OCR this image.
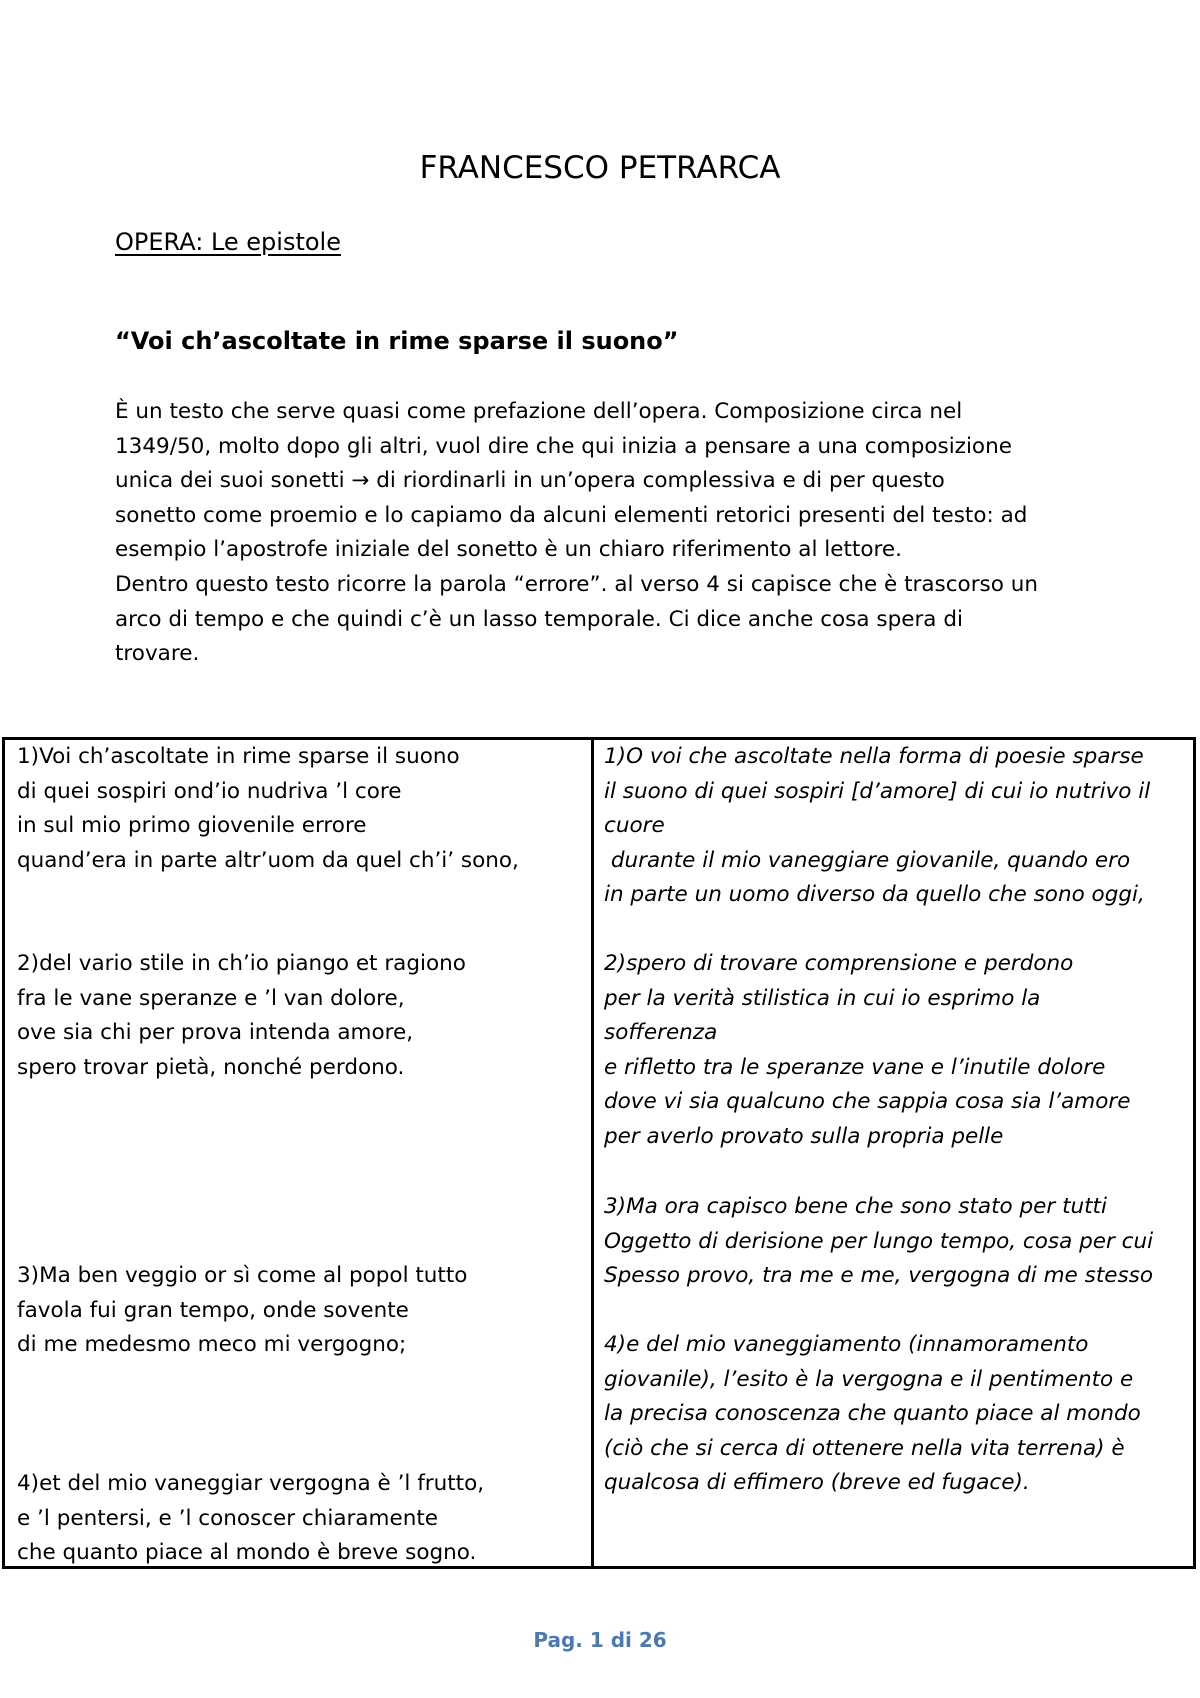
FRANCESCO PETRARCA
OPERA: Le epistole
“Voi ch’ascoltate in rime sparse il suono”

È un testo che serve quasi come prefazione dell’opera. Composizione circa nel

1349/50, molto dopo gli altri, vuol dire che qui inizia a pensare a una composizione

unica dei suoi sonetti → di riordinarli in un’opera complessiva e di per questo

sonetto come proemio e lo capiamo da alcuni elementi retorici presenti del testo: ad

esempio l’apostrofe iniziale del sonetto è un chiaro riferimento al lettore.

Dentro questo testo ricorre la parola “errore”. al verso 4 si capisce che è trascorso un

arco di tempo e che quindi c’è un lasso temporale. Ci dice anche cosa spera di

trovare.

1)Voi ch’ascoltate in rime sparse il suono
di quei sospiri ond’io nudriva ’l core
in sul mio primo giovenile errore
quand’era in parte altr’uom da quel ch’i’ sono,
2)del vario stile in ch’io piango et ragiono
fra le vane speranze e ’l van dolore,
ove sia chi per prova intenda amore,
spero trovar pietà, nonché perdono.
3)Ma ben veggio or sì come al popol tutto
favola fui gran tempo, onde sovente
di me medesmo meco mi vergogno;
4)et del mio vaneggiar vergogna è ’l frutto,
e ’l pentersi, e ’l conoscer chiaramente
che quanto piace al mondo è breve sogno.
1)O voi che ascoltate nella forma di poesie sparse
il suono di quei sospiri [d’amore] di cui io nutrivo il
cuore
durante il mio vaneggiare giovanile, quando ero
in parte un uomo diverso da quello che sono oggi,
2)spero di trovare comprensione e perdono
per la verità stilistica in cui io esprimo la
sofferenza
e rifletto tra le speranze vane e l’inutile dolore
dove vi sia qualcuno che sappia cosa sia l’amore
per averlo provato sulla propria pelle
3)Ma ora capisco bene che sono stato per tutti
Oggetto di derisione per lungo tempo, cosa per cui
Spesso provo, tra me e me, vergogna di me stesso
4)e del mio vaneggiamento (innamoramento
giovanile), l’esito è la vergogna e il pentimento e
la precisa conoscenza che quanto piace al mondo
(ciò che si cerca di ottenere nella vita terrena) è
qualcosa di effimero (breve ed fugace).
Pag. 1 di 26
